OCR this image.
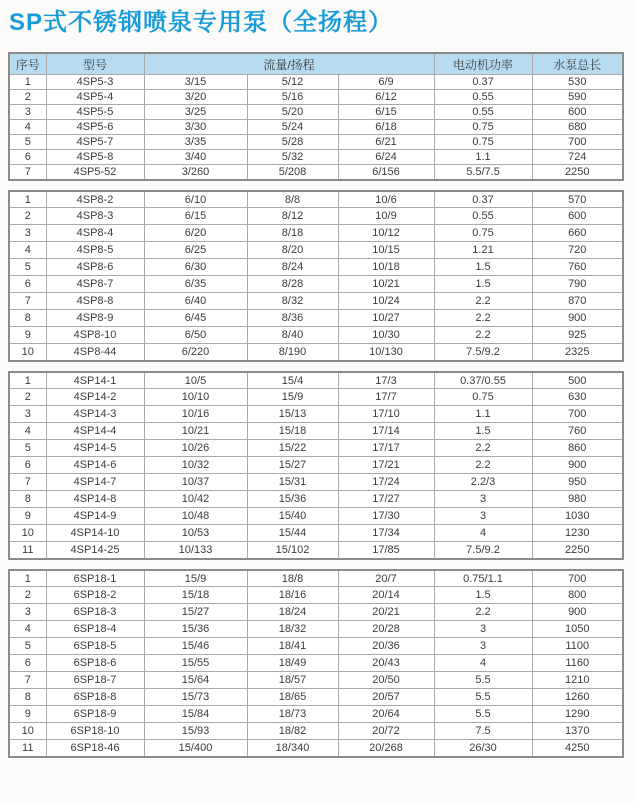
SP式不锈钢喷泉专用泵（全扬程）
序号	型号	流量/扬程			电动机功率	水泵总长
1	4SP5-3	3/15	5/12	6/9	0.37	530
2	4SP5-4	3/20	5/16	6/12	0.55	590
3	4SP5-5	3/25	5/20	6/15	0.55	600
4	4SP5-6	3/30	5/24	6/18	0.75	680
5	4SP5-7	3/35	5/28	6/21	0.75	700
6	4SP5-8	3/40	5/32	6/24	1.1	724
7	4SP5-52	3/260	5/208	6/156	5.5/7.5	2250
1	4SP8-2	6/10	8/8	10/6	0.37	570
2	4SP8-3	6/15	8/12	10/9	0.55	600
3	4SP8-4	6/20	8/18	10/12	0.75	660
4	4SP8-5	6/25	8/20	10/15	1.21	720
5	4SP8-6	6/30	8/24	10/18	1.5	760
6	4SP8-7	6/35	8/28	10/21	1.5	790
7	4SP8-8	6/40	8/32	10/24	2.2	870
8	4SP8-9	6/45	8/36	10/27	2.2	900
9	4SP8-10	6/50	8/40	10/30	2.2	925
10	4SP8-44	6/220	8/190	10/130	7.5/9.2	2325
1	4SP14-1	10/5	15/4	17/3	0.37/0.55	500
2	4SP14-2	10/10	15/9	17/7	0.75	630
3	4SP14-3	10/16	15/13	17/10	1.1	700
4	4SP14-4	10/21	15/18	17/14	1.5	760
5	4SP14-5	10/26	15/22	17/17	2.2	860
6	4SP14-6	10/32	15/27	17/21	2.2	900
7	4SP14-7	10/37	15/31	17/24	2.2/3	950
8	4SP14-8	10/42	15/36	17/27	3	980
9	4SP14-9	10/48	15/40	17/30	3	1030
10	4SP14-10	10/53	15/44	17/34	4	1230
11	4SP14-25	10/133	15/102	17/85	7.5/9.2	2250
1	6SP18-1	15/9	18/8	20/7	0.75/1.1	700
2	6SP18-2	15/18	18/16	20/14	1.5	800
3	6SP18-3	15/27	18/24	20/21	2.2	900
4	6SP18-4	15/36	18/32	20/28	3	1050
5	6SP18-5	15/46	18/41	20/36	3	1100
6	6SP18-6	15/55	18/49	20/43	4	1160
7	6SP18-7	15/64	18/57	20/50	5.5	1210
8	6SP18-8	15/73	18/65	20/57	5.5	1260
9	6SP18-9	15/84	18/73	20/64	5.5	1290
10	6SP18-10	15/93	18/82	20/72	7.5	1370
11	6SP18-46	15/400	18/340	20/268	26/30	4250
